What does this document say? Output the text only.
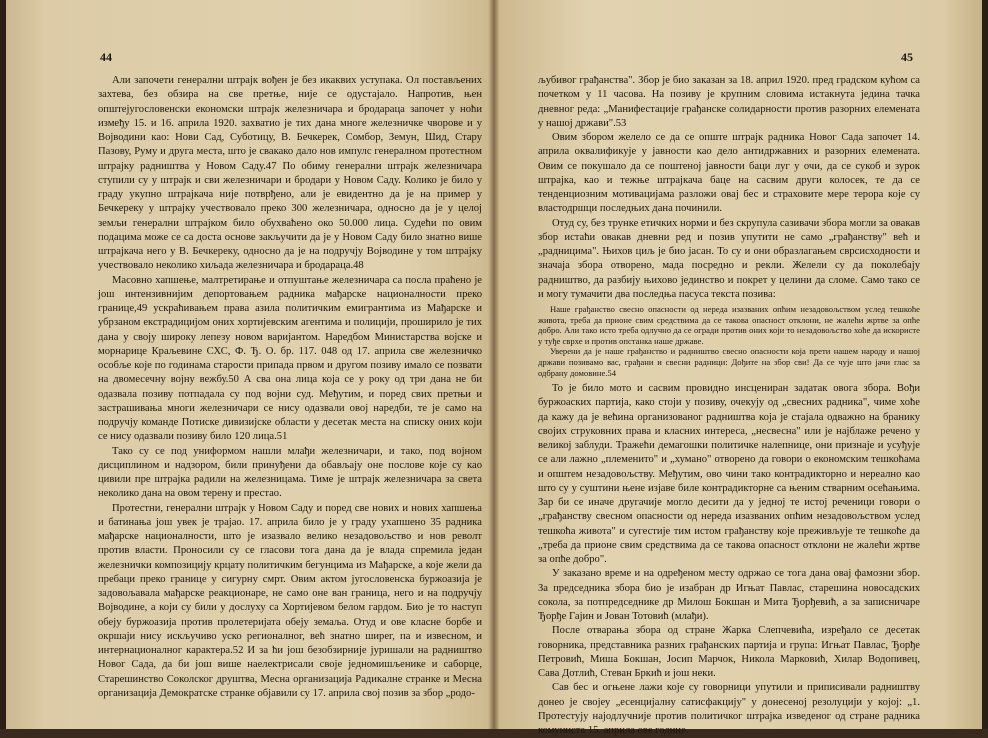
44

Али започети генерални штрајк вођен је без икаквих уступака. Ол постављених захтева, без обзира на све претње, није се одустајало. Напротив, њен општејугословенски економски штрајк железничара и бродараца започет у ноћи између 15. и 16. априла 1920. захватио је тих дана многе железничке чворове и у Војводини као: Нови Сад, Суботицу, В. Бечкерек, Сомбор, Земун, Шид, Стару Пазову, Руму и друга места, што је свакако дало нов импулс генералном протестном штрајку радништва у Новом Саду.47 По обиму генерални штрајк железничара ступили су у штрајк и сви железничари и бродари у Новом Саду. Колико је било у граду укупно штрајкача није потврђено, али је евидентно да је на пример у Бечкереку у штрајку учествовало преко 300 железничара, односно да је у целој земљи генерални штрајком било обухваћено око 50.000 лица. Судећи по овим подацима може се са доста основе закључити да је у Новом Саду било знатно више штрајкача него у В. Бечкереку, односно да је на подручју Војводине у том штрајку учествовало неколико хиљада железничара и бродараца.48

Масовно хапшење, малтретирање и отпуштање железничара са посла праћено је још интензивнијим депортовањем радника мађарске националности преко границе,49 ускраћивањем права азила политичким емигрантима из Мађарске и убрзаном екстрадицијом оних хортијевским агентима и полицији, проширило је тих дана у своју широку лепезу новом варијантом. Наредбом Министарства војске и морнарице Краљевине СХС, Ф. Ђ. О. бр. 117. 048 од 17. априла све железничко особље које по годинама старости припада првом и другом позиву имало се позвати на двомесечну војну вежбу.50 А сва она лица која се у року од три дана не би одазвала позиву потпадала су под војни суд. Међутим, и поред свих претњи и застрашивања многи железничари се нису одазвали овој наредби, те је само на подручју команде Потиске дивизијске области у десетак места на списку оних који се нису одазвали позиву било 120 лица.51

Тако су се под униформом нашли млађи железничари, и тако, под војном дисциплином и надзором, били принуђени да обављају оне послове које су као цивили пре штрајка радили на железницама. Тиме је штрајк железничара за света неколико дана на овом терену и престао.

Протестни, генерални штрајк у Новом Саду и поред све нових и нових хапшења и батинања још увек је трајао. 17. априла било је у граду ухапшено 35 радника мађарске националности, што је изазвало велико незадовољство и нов револт против власти. Проносили су се гласови тога дана да је влада спремила један железнички композицију крцату политичким бегунцима из Мађарске, а које жели да пребаци преко границе у сигурну смрт. Овим актом југословенска буржоазија је задовољавала мађарске реакционаре, не само оне ван граница, него и на подручју Војводине, а који су били у дослуху са Хортијевом белом гардом. Био је то наступ обеју буржоазија против пролетеријата обеју земаља. Отуд и ове класне борбе и окршаји нису искључиво уско регионалног, већ знатно ширег, па и извесном, и интернационалног карактера.52 И за ћи још безобзирније јуришали на радништво Новог Сада, да би још више наелектрисали своје једномишљенике и саборце, Старешинство Соколског друштва, Месна организација Радикалне странке и Месна организација Демократске странке објавили су 17. априла свој позив за збор „родо-

45

љубивог грађанства". Збор је био заказан за 18. април 1920. пред градском кућом са почетком у 11 часова. На позиву је крупним словима истакнута једина тачка дневног реда: „Манифестације грађанске солидарности против разорних елемената у нашој држави".53

Овим збором желело се да се опште штрајк радника Новог Сада започет 14. априла оквалификује у јавности као дело антидржавних и разорних елемената. Овим се покушало да се поштеној јавности баци луг у очи, да се сукоб и зурок штрајка, као и тежње штрајкача баце на сасвим други колосек, те да се тенденциозним мотивацијама разложи овај бес и страховите мере терора које су властодршци последњих дана починили.

Отуд су, без трунке етичких норми и без скрупула сазивачи збора могли за овакав збор истаћи овакав дневни ред и позив упутити не само „грађанству" већ и „радницима". Њихов циљ је био јасан. То су и они образлагањем сврсисходности и значаја збора отворено, мада посредно и рекли. Желели су да поколебају радништво, да разбију њихово јединство и покрет у целини да сломе. Само тако се и могу тумачити два последња пасуса текста позива:

Наше грађанство свесно опасности од нереда изазваних опћим незадовољством услед тешкоће живота, треба да прионе свим средствима да се такова опасност отклони, не жалећи жртве за опће добро. Али тако исто треба одлучно да се огради против оних који то незадовољство хоће да искористе у туђе сврхе и против опстанка наше државе.

Уверени да је наше грађанство и радништво свесно опасности која прети нашем народу и нашој држави позивамо вас, грађани и свесни радници: Дођите на збор сви! Да се чује што јачи глас за одбрану домовине.54

То је било мото и сасвим провидно инсцениран задатак овога збора. Вођи буржоаских партија, како стоји у позиву, очекују од „свесних радника", чиме хоће да кажу да је већина организованог радништва која је стајала одважно на бранику својих струковних права и класних интереса, „несвесна" или је најблаже речено у великој заблуди. Тражећи демагошки политичке налепнице, они признаје и усуђује се али лажно „племенито" и „хумано" отворено да говори о економским тешкоћама и општем незадовољству. Међутим, ово чини тако контрадикторно и нереално као што су у суштини њене изјаве биле контрадикторне са њеним стварним осећањима. Зар би се иначе другачије могло десити да у једној те истој реченици говори о „грађанству свесном опасности од нереда изазваних опћим незадовољством услед тешкоћа живота" и сугестије тим истом грађанству које преживљује те тешкоће да „треба да прионе свим средствима да се такова опасност отклони не жалећи жртве за опће добро".

У заказано време и на одређеном месту одржао се тога дана овај фамозни збор. За председника збора био је изабран др Игњат Павлас, старешина новосадских сокола, за потпредседнике др Милош Бокшан и Мита Ђорђевић, а за записничаре Ђорђе Гајин и Јован Тотовић (млађи).

После отварања збора од стране Жарка Слепчевића, изређало се десетак говорника, представника разних грађанских партија и група: Игњат Павлас, Ђорђе Петровић, Миша Бокшан, Јосип Марчок, Никола Марковић, Хилар Водопивец, Сава Дотлић, Стеван Бркић и још неки.

Сав бес и огњене лажи које су говорници упутили и приписивали радништву донео је својеу „есенцијалну сатисфакцију" у донесеној резолуцији у којој: „1. Протестују најодлучније против политичког штрајка изведеног од стране радника комуниста 15. априла ове године.
